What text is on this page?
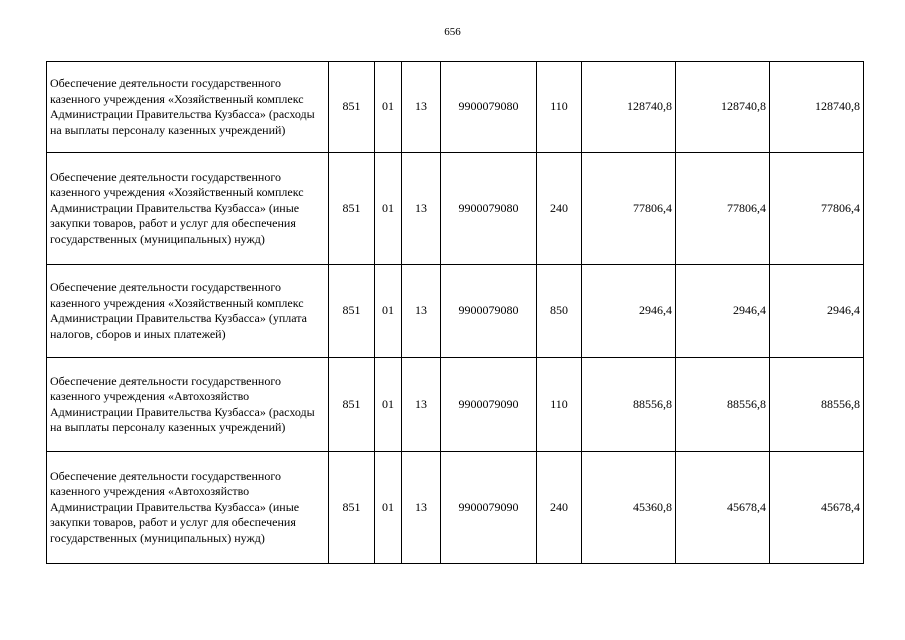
656
Обеспечение деятельности государственного казенного учреждения «Хозяйственный комплекс Администрации Правительства Кузбасса» (расходы на выплаты персоналу казенных учреждений)	851	01	13	9900079080	110	128740,8	128740,8	128740,8
Обеспечение деятельности государственного казенного учреждения «Хозяйственный комплекс Администрации Правительства Кузбасса» (иные закупки товаров, работ и услуг для обеспечения государственных (муниципальных) нужд)	851	01	13	9900079080	240	77806,4	77806,4	77806,4
Обеспечение деятельности государственного казенного учреждения «Хозяйственный комплекс Администрации Правительства Кузбасса» (уплата налогов, сборов и иных платежей)	851	01	13	9900079080	850	2946,4	2946,4	2946,4
Обеспечение деятельности государственного казенного учреждения «Автохозяйство Администрации Правительства Кузбасса» (расходы на выплаты персоналу казенных учреждений)	851	01	13	9900079090	110	88556,8	88556,8	88556,8
Обеспечение деятельности государственного казенного учреждения «Автохозяйство Администрации Правительства Кузбасса» (иные закупки товаров, работ и услуг для обеспечения государственных (муниципальных) нужд)	851	01	13	9900079090	240	45360,8	45678,4	45678,4
